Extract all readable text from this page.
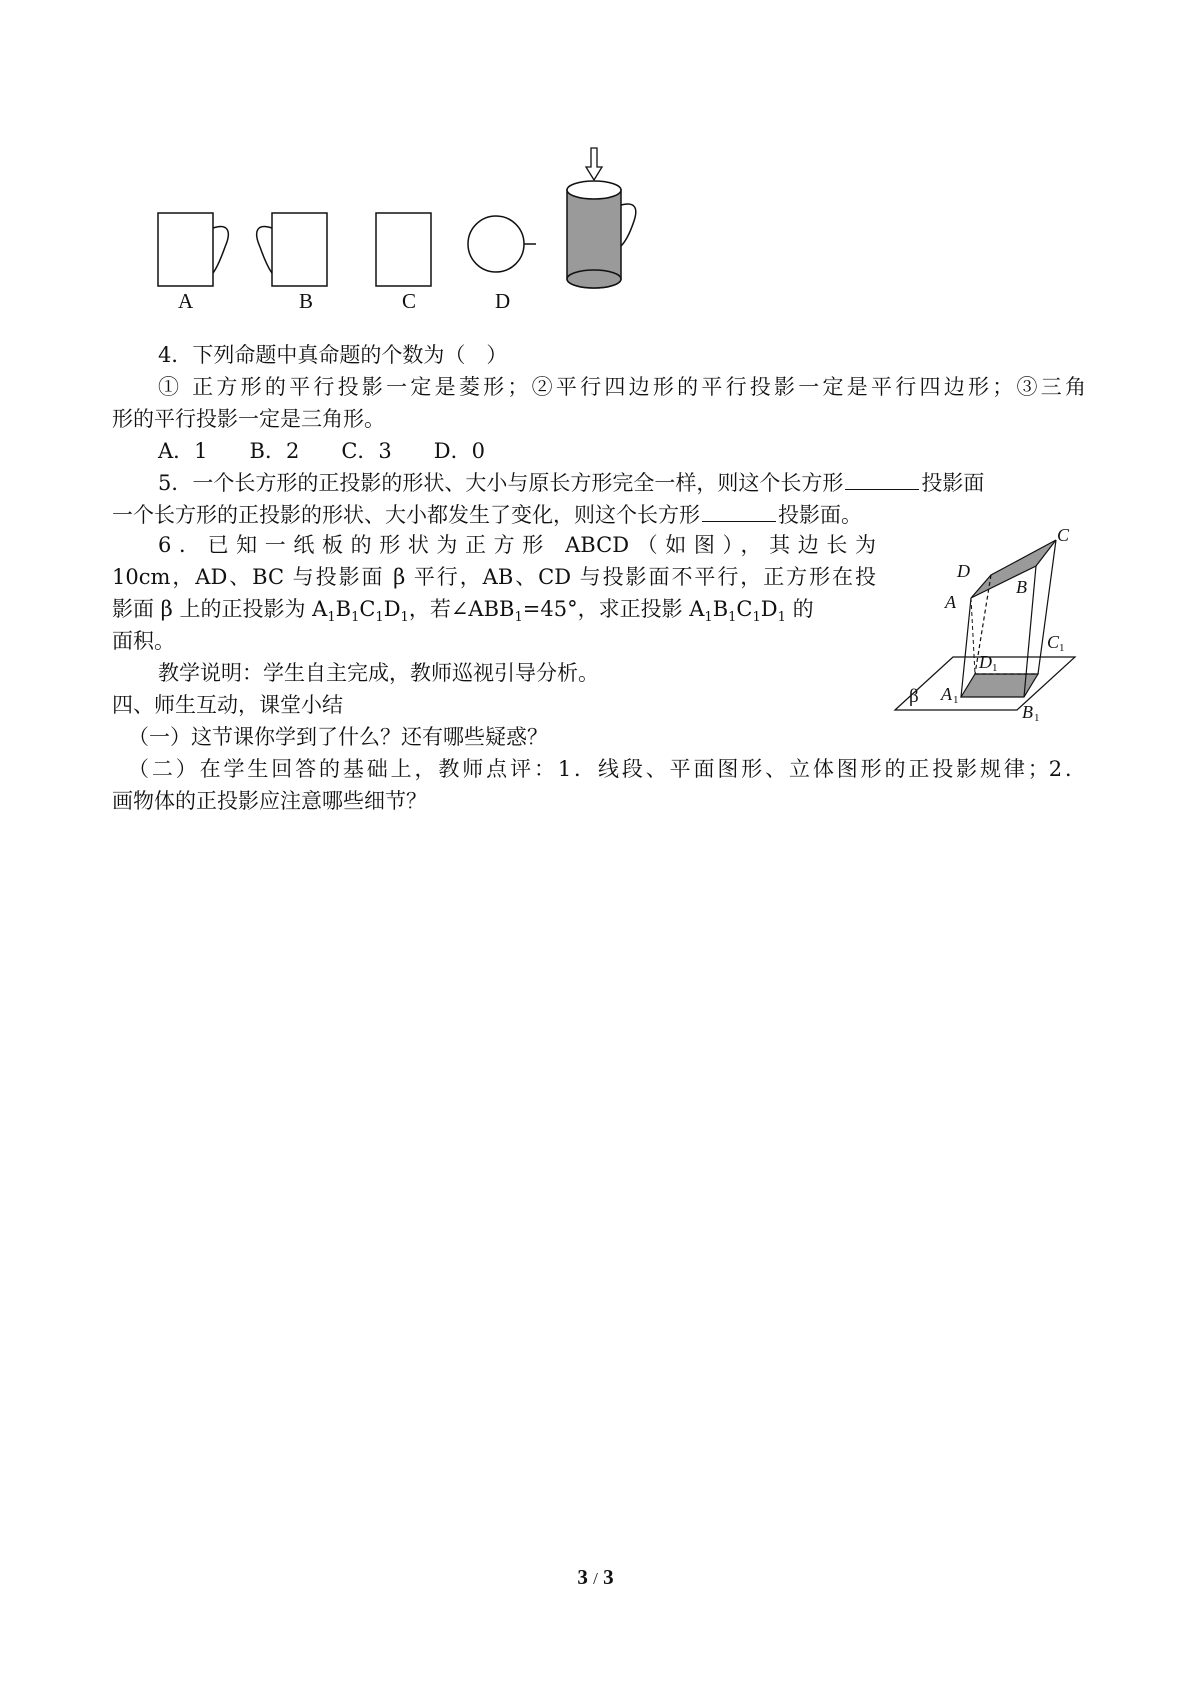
A	B	C	D
4．下列命题中真命题的个数为（　）
① 正方形的平行投影一定是菱形；②平行四边形的平行投影一定是平行四边形；③三角
形的平行投影一定是三角形。
A．1　　B．2　　C．3　　D．0
5．一个长方形的正投影的形状、大小与原长方形完全一样，则这个长方形	投影面
一个长方形的正投影的形状、大小都发生了变化，则这个长方形	投影面。
6．已知一纸板的形状为正方形 ABCD（如图），其边长为
10cm，AD、BC 与投影面 β 平行，AB、CD 与投影面不平行，正方形在投
影面 β 上的正投影为 $A_1B_1C_1D_1$，若$\angle ABB_1=45^\circ$，求正投影 $A_1B_1C_1D_1$ 的
面积。
教学说明：学生自主完成，教师巡视引导分析。
四、师生互动，课堂小结
（一）这节课你学到了什么？还有哪些疑惑？
（二）在学生回答的基础上，教师点评：1．线段、平面图形、立体图形的正投影规律；2．
画物体的正投影应注意哪些细节？
C
D
B
A
C 1
D 1
β A 1
B 1
3 / 3
